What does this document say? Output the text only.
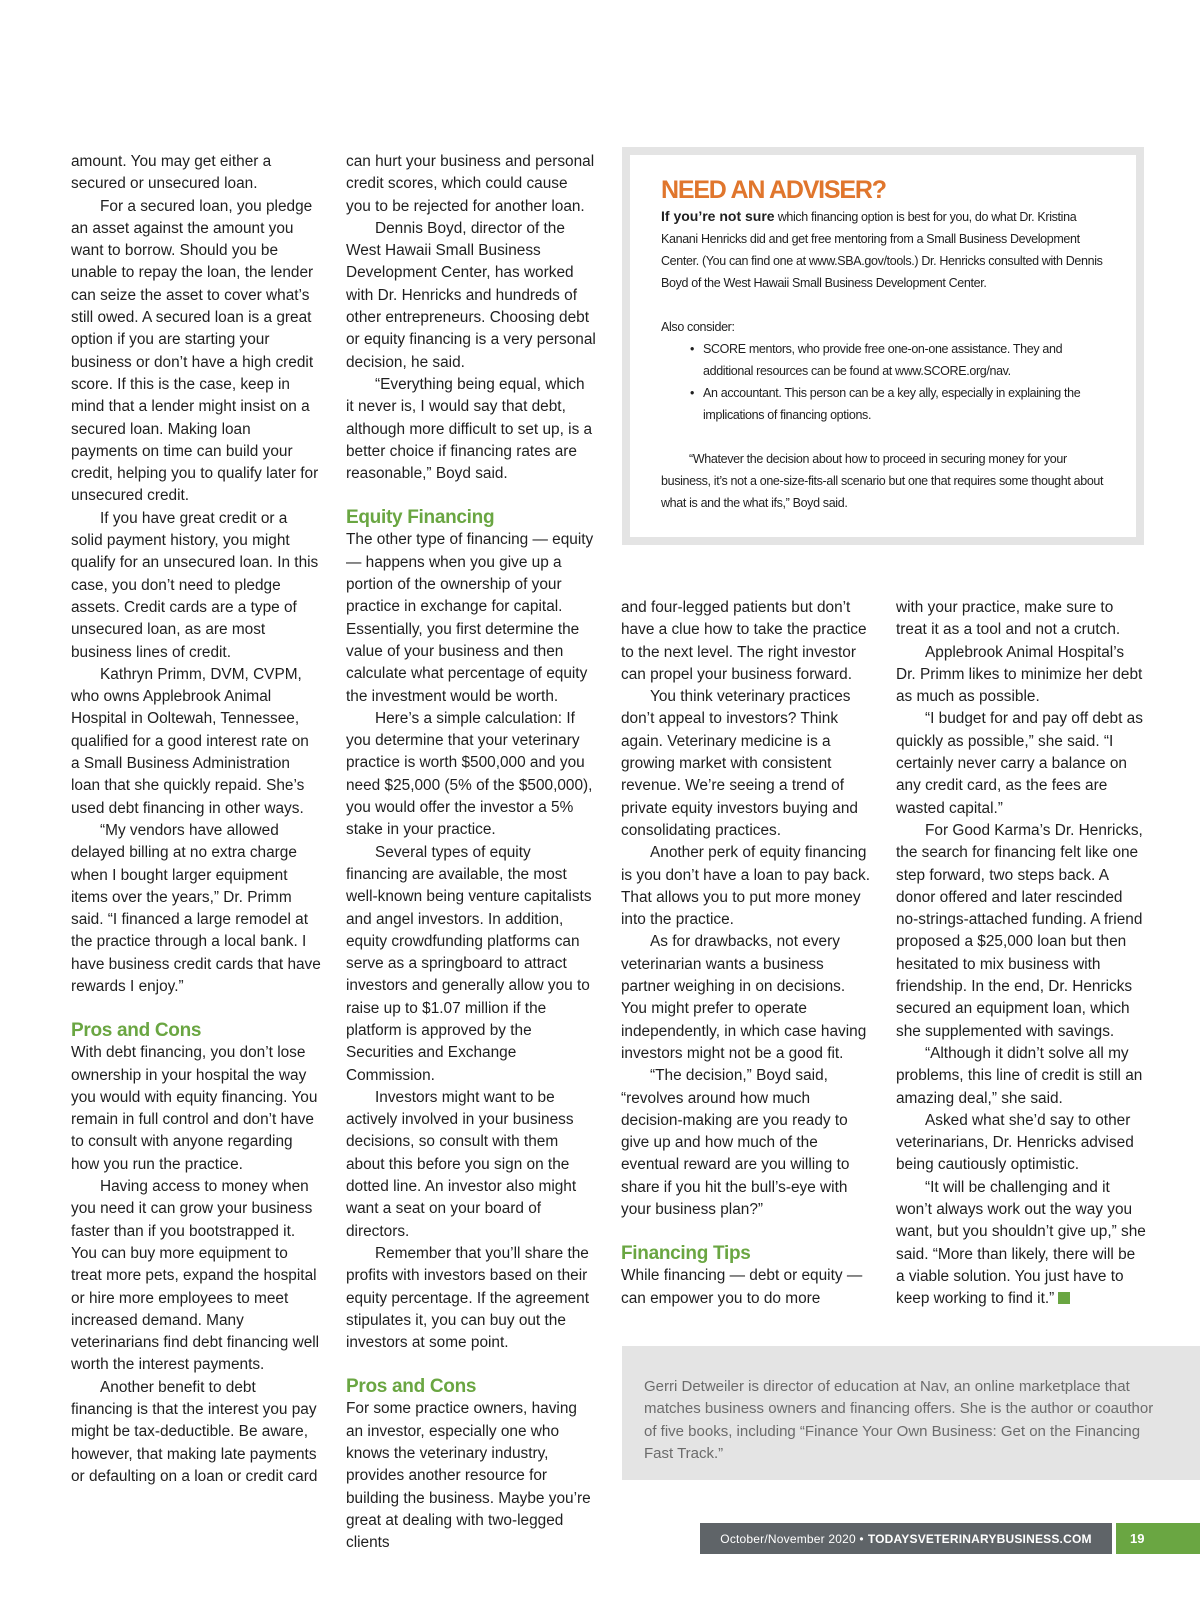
amount. You may get either a secured or unsecured loan.

For a secured loan, you pledge an asset against the amount you want to borrow. Should you be unable to repay the loan, the lender can seize the asset to cover what’s still owed. A secured loan is a great option if you are starting your business or don’t have a high credit score. If this is the case, keep in mind that a lender might insist on a secured loan. Making loan payments on time can build your credit, helping you to qualify later for unsecured credit.

If you have great credit or a solid payment history, you might qualify for an unsecured loan. In this case, you don’t need to pledge assets. Credit cards are a type of unsecured loan, as are most business lines of credit.

Kathryn Primm, DVM, CVPM, who owns Applebrook Animal Hospital in Ooltewah, Tennessee, qualified for a good interest rate on a Small Business Administration loan that she quickly repaid. She’s used debt financing in other ways.

“My vendors have allowed delayed billing at no extra charge when I bought larger equipment items over the years,” Dr. Primm said. “I financed a large remodel at the practice through a local bank. I have business credit cards that have rewards I enjoy.”

Pros and Cons

With debt financing, you don’t lose ownership in your hospital the way you would with equity financing. You remain in full control and don’t have to consult with anyone regarding how you run the practice.

Having access to money when you need it can grow your business faster than if you bootstrapped it. You can buy more equipment to treat more pets, expand the hospital or hire more employees to meet increased demand. Many veterinarians find debt financing well worth the interest payments.

Another benefit to debt financing is that the interest you pay might be tax-deductible. Be aware, however, that making late payments or defaulting on a loan or credit card

can hurt your business and personal credit scores, which could cause you to be rejected for another loan.

Dennis Boyd, director of the West Hawaii Small Business Development Center, has worked with Dr. Henricks and hundreds of other entrepreneurs. Choosing debt or equity financing is a very personal decision, he said.

“Everything being equal, which it never is, I would say that debt, although more difficult to set up, is a better choice if financing rates are reasonable,” Boyd said.

Equity Financing

The other type of financing — equity — happens when you give up a portion of the ownership of your practice in exchange for capital. Essentially, you first determine the value of your business and then calculate what percentage of equity the investment would be worth.

Here’s a simple calculation: If you determine that your veterinary practice is worth $500,000 and you need $25,000 (5% of the $500,000), you would offer the investor a 5% stake in your practice.

Several types of equity financing are available, the most well-known being venture capitalists and angel investors. In addition, equity crowdfunding platforms can serve as a springboard to attract investors and generally allow you to raise up to $1.07 million if the platform is approved by the Securities and Exchange Commission.

Investors might want to be actively involved in your business decisions, so consult with them about this before you sign on the dotted line. An investor also might want a seat on your board of directors.

Remember that you’ll share the profits with investors based on their equity percentage. If the agreement stipulates it, you can buy out the investors at some point.

Pros and Cons

For some practice owners, having an investor, especially one who knows the veterinary industry, provides another resource for building the business. Maybe you’re great at dealing with two-legged clients

NEED AN ADVISER?

If you’re not sure which financing option is best for you, do what Dr. Kristina Kanani Henricks did and get free mentoring from a Small Business Development Center. (You can find one at www.SBA.gov/tools.) Dr. Henricks consulted with Dennis Boyd of the West Hawaii Small Business Development Center.

Also consider:

• SCORE mentors, who provide free one-on-one assistance. They and additional resources can be found at www.SCORE.org/nav.
• An accountant. This person can be a key ally, especially in explaining the implications of financing options.

“Whatever the decision about how to proceed in securing money for your business, it’s not a one-size-fits-all scenario but one that requires some thought about what is and the what ifs,” Boyd said.

and four-legged patients but don’t have a clue how to take the practice to the next level. The right investor can propel your business forward.

You think veterinary practices don’t appeal to investors? Think again. Veterinary medicine is a growing market with consistent revenue. We’re seeing a trend of private equity investors buying and consolidating practices.

Another perk of equity financing is you don’t have a loan to pay back. That allows you to put more money into the practice.

As for drawbacks, not every veterinarian wants a business partner weighing in on decisions. You might prefer to operate independently, in which case having investors might not be a good fit.

“The decision,” Boyd said, “revolves around how much decision-making are you ready to give up and how much of the eventual reward are you willing to share if you hit the bull’s-eye with your business plan?”

Financing Tips

While financing — debt or equity — can empower you to do more

with your practice, make sure to treat it as a tool and not a crutch.

Applebrook Animal Hospital’s Dr. Primm likes to minimize her debt as much as possible.

“I budget for and pay off debt as quickly as possible,” she said. “I certainly never carry a balance on any credit card, as the fees are wasted capital.”

For Good Karma’s Dr. Henricks, the search for financing felt like one step forward, two steps back. A donor offered and later rescinded no-strings-attached funding. A friend proposed a $25,000 loan but then hesitated to mix business with friendship. In the end, Dr. Henricks secured an equipment loan, which she supplemented with savings.

“Although it didn’t solve all my problems, this line of credit is still an amazing deal,” she said.

Asked what she’d say to other veterinarians, Dr. Henricks advised being cautiously optimistic.

“It will be challenging and it won’t always work out the way you want, but you shouldn’t give up,” she said. “More than likely, there will be a viable solution. You just have to keep working to find it.”

Gerri Detweiler is director of education at Nav, an online marketplace that matches business owners and financing offers. She is the author or coauthor of five books, including “Finance Your Own Business: Get on the Financing Fast Track.”
October/November 2020 • TODAYSVETERINARYBUSINESS.COM	19
